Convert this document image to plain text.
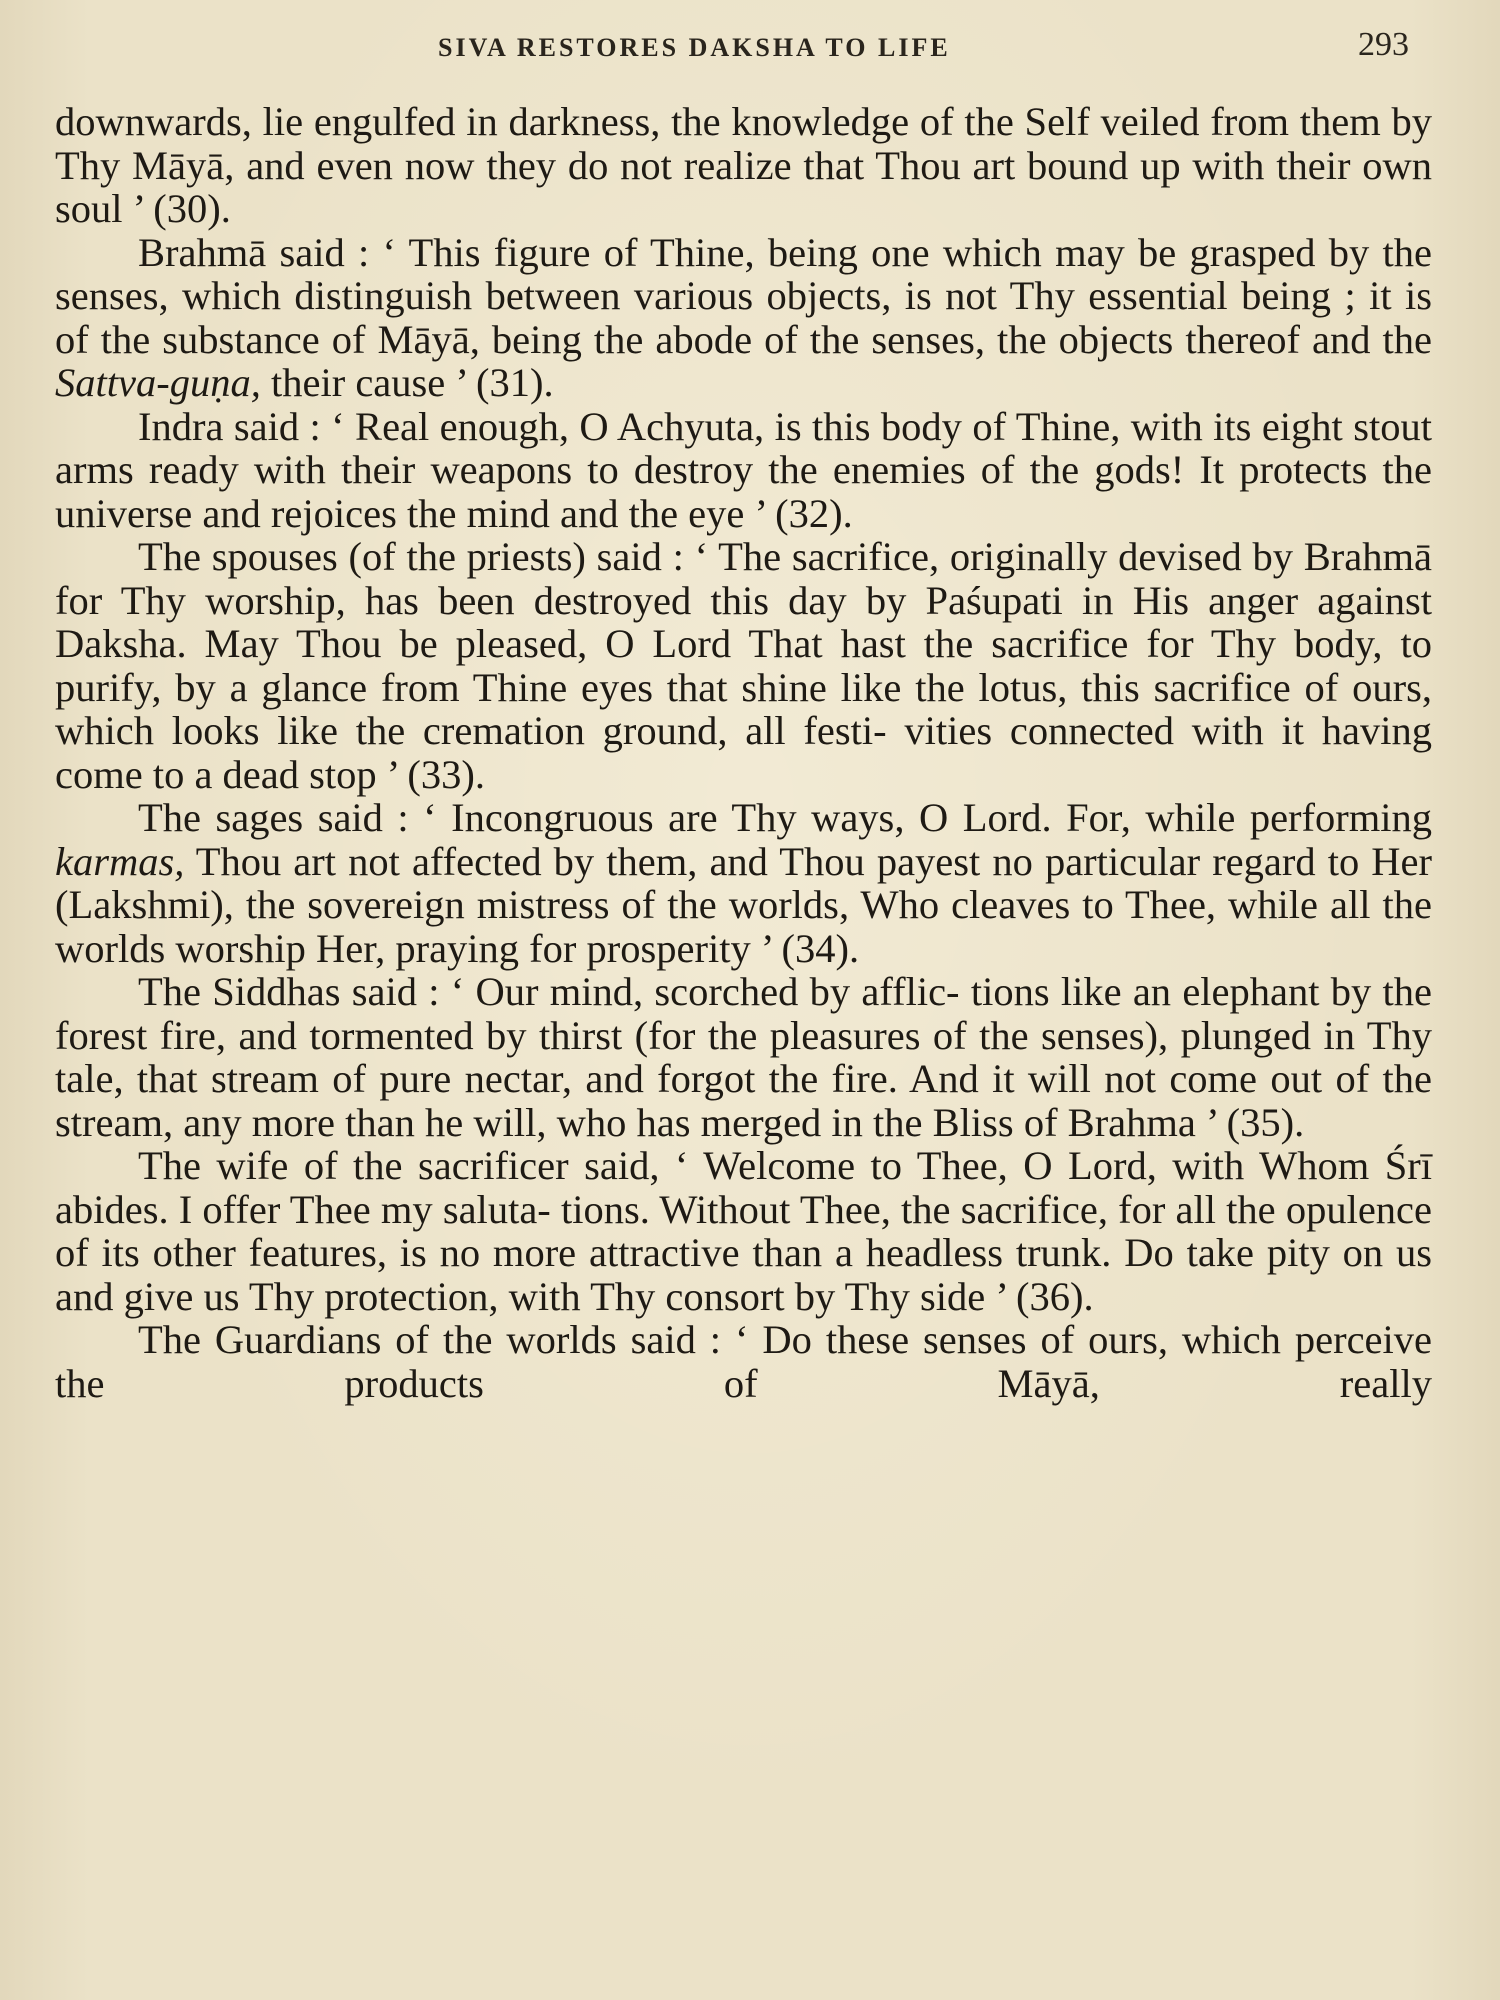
SIVA RESTORES DAKSHA TO LIFE	293

downwards, lie engulfed in darkness, the knowledge of the Self veiled from them by Thy Māyā, and even now they do not realize that Thou art bound up with their own soul ’ (30).

Brahmā said : ‘ This figure of Thine, being one which may be grasped by the senses, which distinguish between various objects, is not Thy essential being ; it is of the substance of Māyā, being the abode of the senses, the objects thereof and the Sattva-guṇa, their cause ’ (31).

Indra said : ‘ Real enough, O Achyuta, is this body of Thine, with its eight stout arms ready with their weapons to destroy the enemies of the gods! It protects the universe and rejoices the mind and the eye ’ (32).

The spouses (of the priests) said : ‘ The sacrifice, originally devised by Brahmā for Thy worship, has been destroyed this day by Paśupati in His anger against Daksha. May Thou be pleased, O Lord That hast the sacrifice for Thy body, to purify, by a glance from Thine eyes that shine like the lotus, this sacrifice of ours, which looks like the cremation ground, all festi- vities connected with it having come to a dead stop ’ (33).

The sages said : ‘ Incongruous are Thy ways, O Lord. For, while performing karmas, Thou art not affected by them, and Thou payest no particular regard to Her (Lakshmi), the sovereign mistress of the worlds, Who cleaves to Thee, while all the worlds worship Her, praying for prosperity ’ (34).

The Siddhas said : ‘ Our mind, scorched by afflic- tions like an elephant by the forest fire, and tormented by thirst (for the pleasures of the senses), plunged in Thy tale, that stream of pure nectar, and forgot the fire. And it will not come out of the stream, any more than he will, who has merged in the Bliss of Brahma ’ (35).

The wife of the sacrificer said, ‘ Welcome to Thee, O Lord, with Whom Śrī abides. I offer Thee my saluta- tions. Without Thee, the sacrifice, for all the opulence of its other features, is no more attractive than a headless trunk. Do take pity on us and give us Thy protection, with Thy consort by Thy side ’ (36).

The Guardians of the worlds said : ‘ Do these senses of ours, which perceive the products of Māyā, really
